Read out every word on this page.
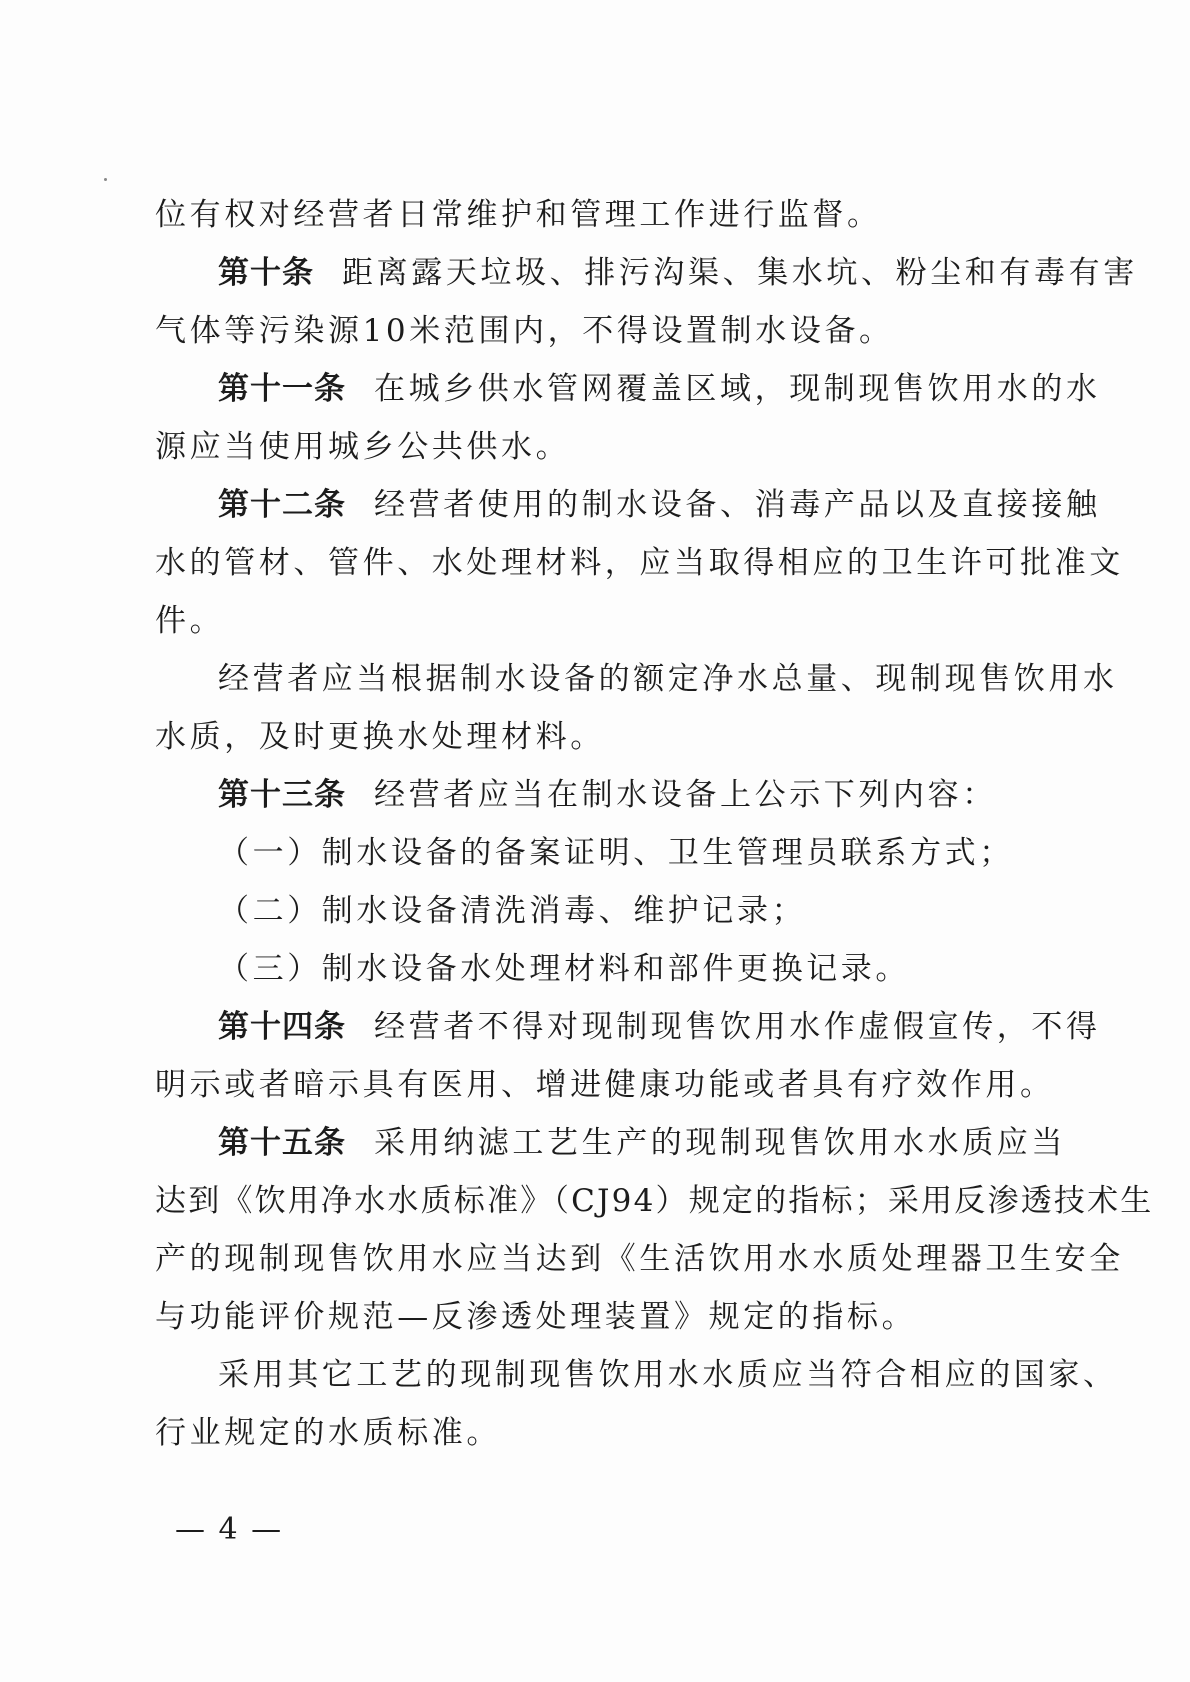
位有权对经营者日常维护和管理工作进行监督。
第十条 距离露天垃圾、排污沟渠、集水坑、粉尘和有毒有害
气体等污染源10米范围内，不得设置制水设备。
第十一条 在城乡供水管网覆盖区域，现制现售饮用水的水
源应当使用城乡公共供水。
第十二条 经营者使用的制水设备、消毒产品以及直接接触
水的管材、管件、水处理材料，应当取得相应的卫生许可批准文
件。
经营者应当根据制水设备的额定净水总量、现制现售饮用水
水质，及时更换水处理材料。
第十三条 经营者应当在制水设备上公示下列内容：
（一）制水设备的备案证明、卫生管理员联系方式；
（二）制水设备清洗消毒、维护记录；
（三）制水设备水处理材料和部件更换记录。
第十四条 经营者不得对现制现售饮用水作虚假宣传，不得
明示或者暗示具有医用、增进健康功能或者具有疗效作用。
第十五条 采用纳滤工艺生产的现制现售饮用水水质应当
达到《饮用净水水质标准》（CJ94）规定的指标；采用反渗透技术生
产的现制现售饮用水应当达到《生活饮用水水质处理器卫生安全
与功能评价规范—反渗透处理装置》规定的指标。
采用其它工艺的现制现售饮用水水质应当符合相应的国家、
行业规定的水质标准。
— 4 —
